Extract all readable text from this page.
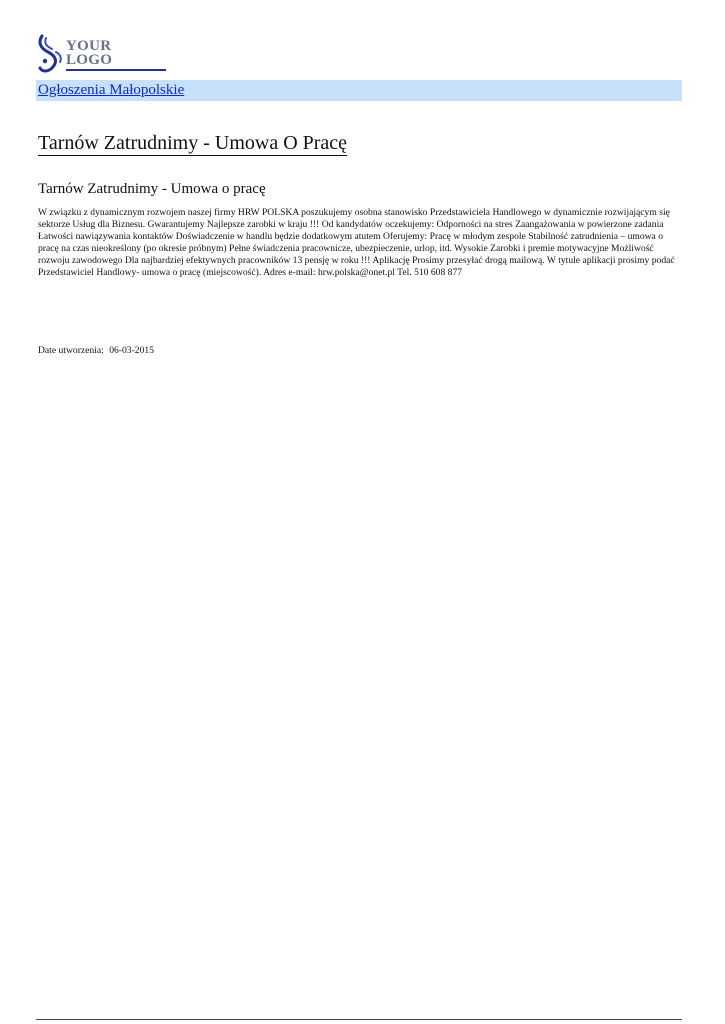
YOUR
LOGO
Ogłoszenia Małopolskie
Tarnów Zatrudnimy - Umowa O Pracę
Tarnów Zatrudnimy - Umowa o pracę

W związku z dynamicznym rozwojem naszej firmy HRW POLSKA poszukujemy osobna stanowisko Przedstawiciela Handlowego w dynamicznie rozwijającym się sektorze Usług dla Biznesu. Gwarantujemy Najlepsze zarobki w kraju !!! Od kandydatów oczekujemy: Odporności na stres Zaangażowania w powierzone zadania Łatwości nawiązywania kontaktów Doświadczenie w handlu będzie dodatkowym atutem Oferujemy: Pracę w młodym zespole Stabilność zatrudnienia – umowa o pracę na czas nieokreślony (po okresie próbnym) Pełne świadczenia pracownicze, ubezpieczenie, urlop, itd. Wysokie Zarobki i premie motywacyjne Możliwość rozwoju zawodowego Dla najbardziej efektywnych pracowników 13 pensję w roku !!! Aplikację Prosimy przesyłać drogą mailową. W tytule aplikacji prosimy podać Przedstawiciel Handlowy- umowa o pracę (miejscowość). Adres e-mail: hrw.polska@onet.pl Tel. 510 608 877

Date utworzenia: 06-03-2015
